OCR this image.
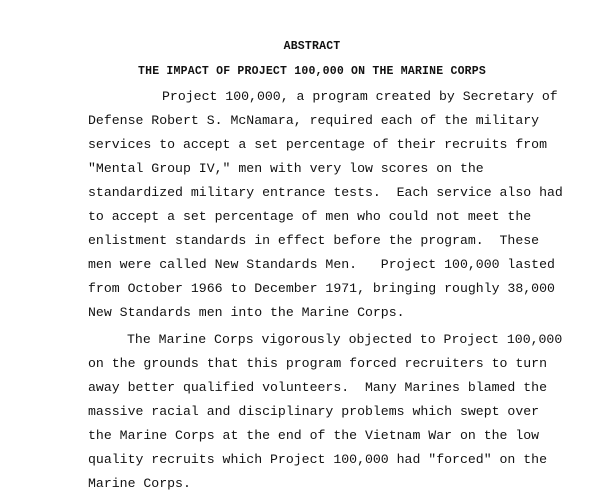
ABSTRACT
THE IMPACT OF PROJECT 100,000 ON THE MARINE CORPS
Project 100,000, a program created by Secretary of
Defense Robert S. McNamara, required each of the military
services to accept a set percentage of their recruits from
"Mental Group IV," men with very low scores on the
standardized military entrance tests.  Each service also had
to accept a set percentage of men who could not meet the
enlistment standards in effect before the program.  These
men were called New Standards Men.   Project 100,000 lasted
from October 1966 to December 1971, bringing roughly 38,000
New Standards men into the Marine Corps.
The Marine Corps vigorously objected to Project 100,000
on the grounds that this program forced recruiters to turn
away better qualified volunteers.  Many Marines blamed the
massive racial and disciplinary problems which swept over
the Marine Corps at the end of the Vietnam War on the low
quality recruits which Project 100,000 had "forced" on the
Marine Corps.
